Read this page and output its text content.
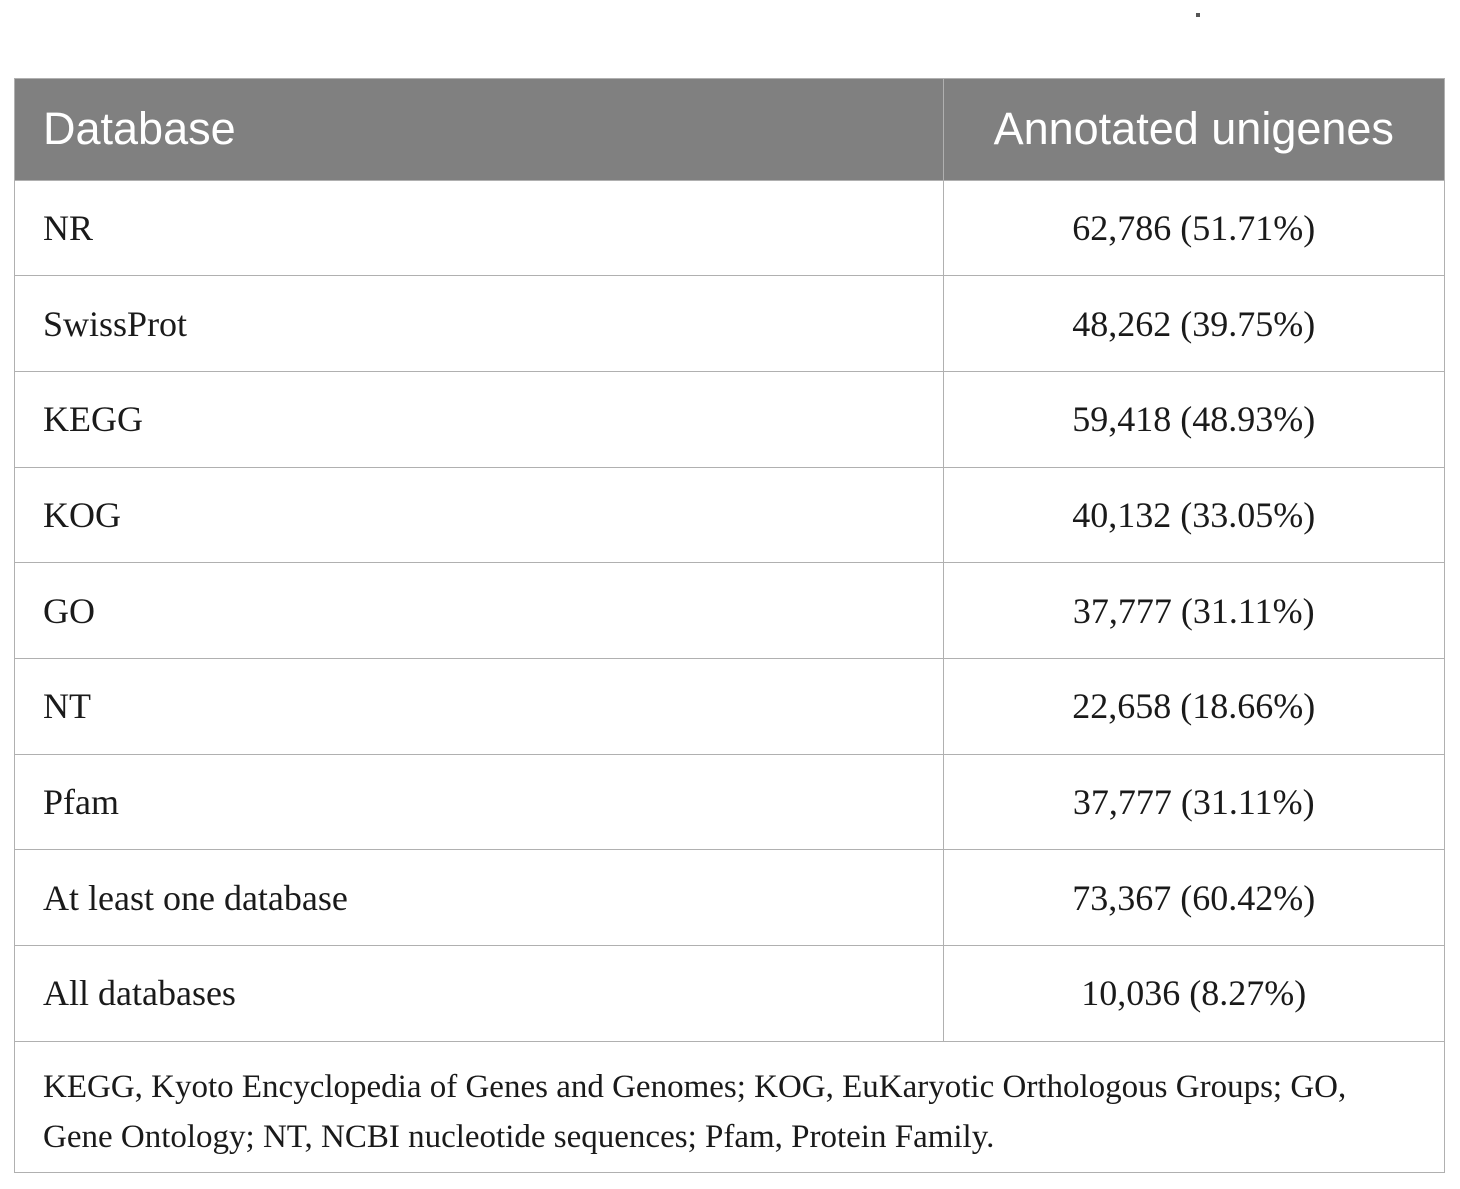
Database	Annotated unigenes
NR	62,786 (51.71%)
SwissProt	48,262 (39.75%)
KEGG	59,418 (48.93%)
KOG	40,132 (33.05%)
GO	37,777 (31.11%)
NT	22,658 (18.66%)
Pfam	37,777 (31.11%)
At least one database	73,367 (60.42%)
All databases	10,036 (8.27%)
KEGG, Kyoto Encyclopedia of Genes and Genomes; KOG, EuKaryotic Orthologous Groups; GO, Gene Ontology; NT, NCBI nucleotide sequences; Pfam, Protein Family.
